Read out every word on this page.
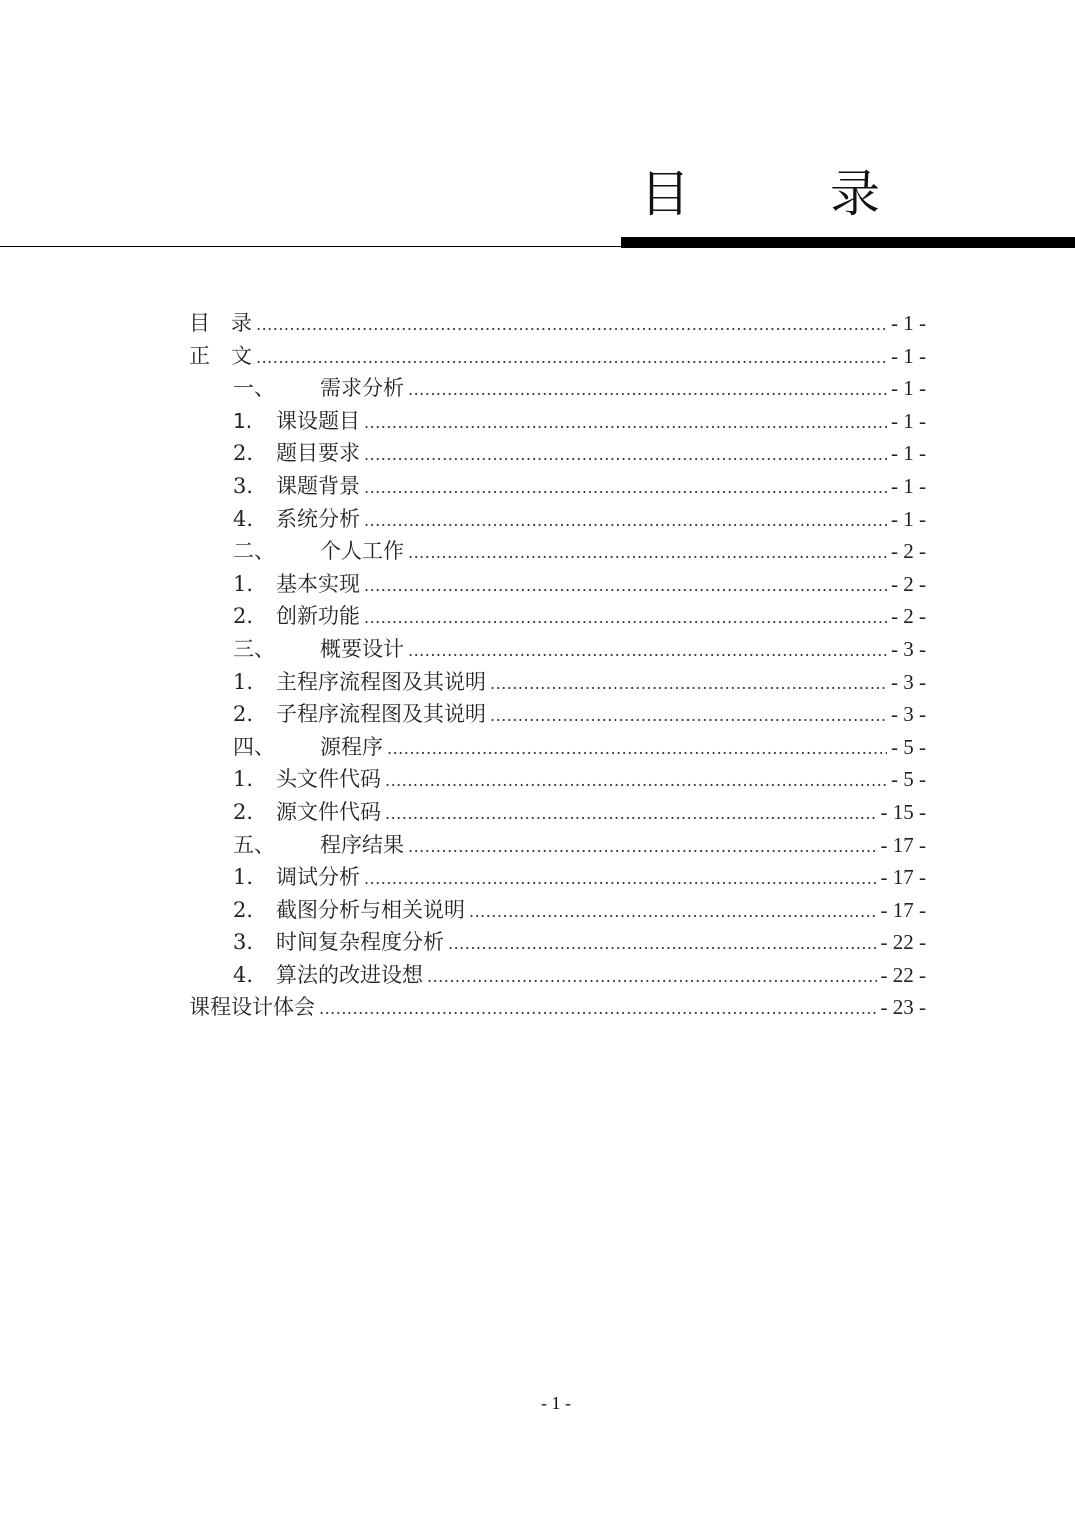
目　录
目　录 .....	- 1 -
正　文 .....	- 1 -
一、	需求分析 .....	- 1 -
1.	课设题目 .....	- 1 -
2.	题目要求 .....	- 1 -
3.	课题背景 .....	- 1 -
4.	系统分析 .....	- 1 -
二、	个人工作 .....	- 2 -
1.	基本实现 .....	- 2 -
2.	创新功能 .....	- 2 -
三、	概要设计 .....	- 3 -
1.	主程序流程图及其说明 .....	- 3 -
2.	子程序流程图及其说明 .....	- 3 -
四、	源程序 .....	- 5 -
1.	头文件代码 .....	- 5 -
2.	源文件代码 .....	- 15 -
五、	程序结果 .....	- 17 -
1.	调试分析 .....	- 17 -
2.	截图分析与相关说明 .....	- 17 -
3.	时间复杂程度分析 .....	- 22 -
4.	算法的改进设想 .....	- 22 -
课程设计体会 .....	- 23 -
- 1 -
